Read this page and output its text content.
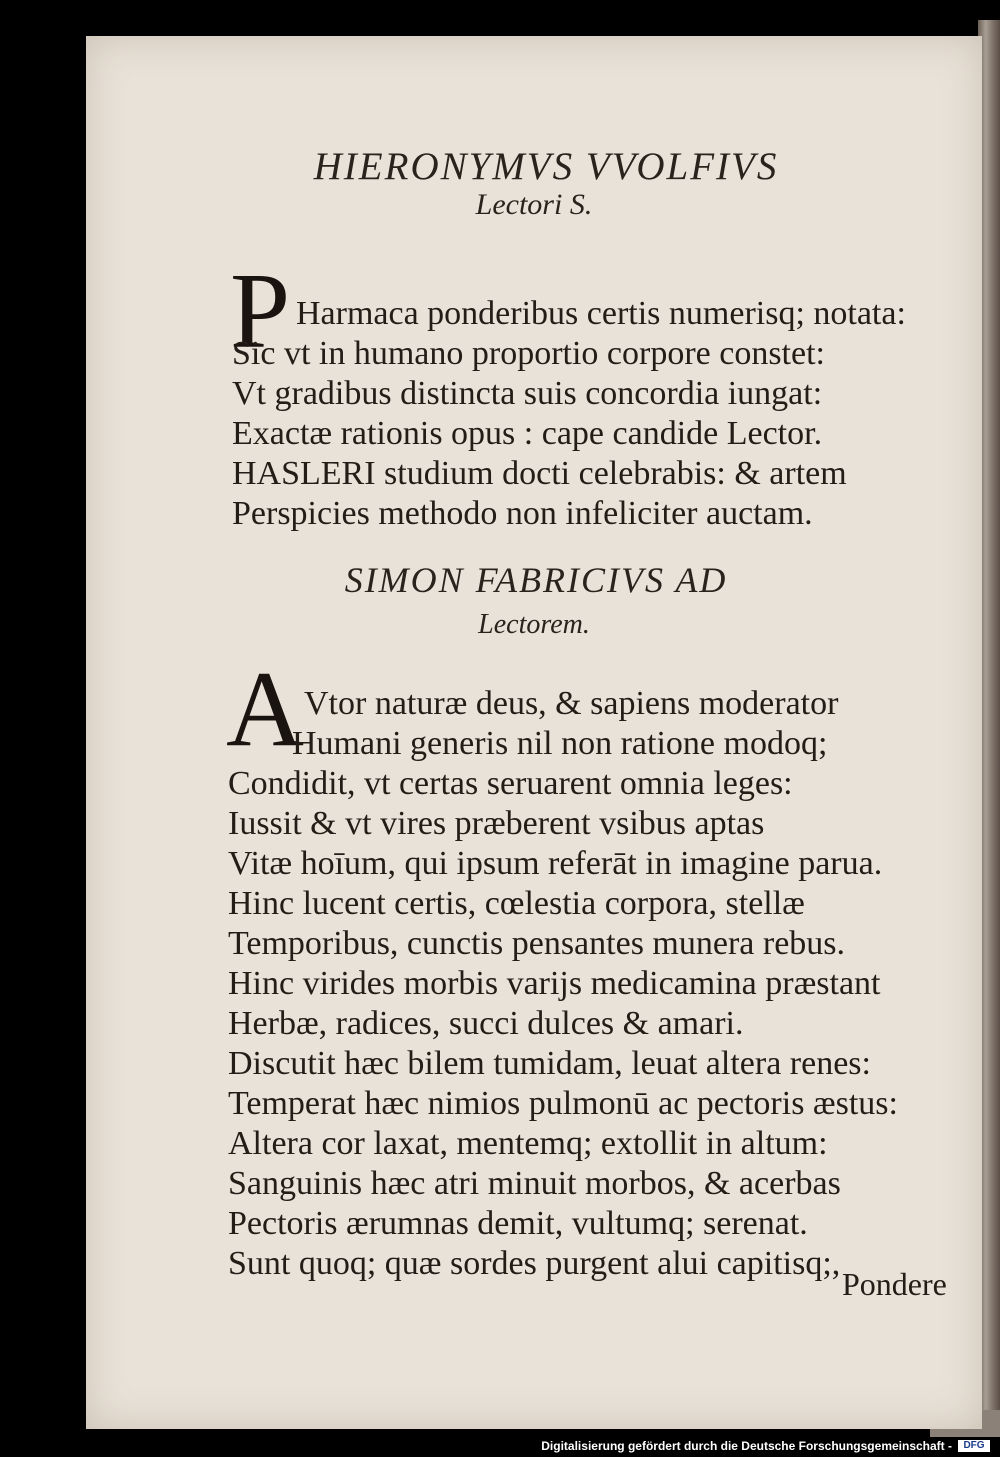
HIERONYMVS VVOLFIVS
Lectori S.
P Harmaca ponderibus certis numerisq; notata:
Sic vt in humano proportio corpore constet:
Vt gradibus distincta suis concordia iungat:
Exactæ rationis opus : cape candide Lector.
HASLERI studium docti celebrabis: & artem
Perspicies methodo non infeliciter auctam.
SIMON FABRICIVS AD
Lectorem.
A Vtor naturæ deus, & sapiens moderator
Humani generis nil non ratione modoq;
Condidit, vt certas seruarent omnia leges:
Iussit & vt vires præberent vsibus aptas
Vitæ hoīum, qui ipsum referāt in imagine parua.
Hinc lucent certis, cœlestia corpora, stellæ
Temporibus, cunctis pensantes munera rebus.
Hinc virides morbis varijs medicamina præstant
Herbæ, radices, succi dulces & amari.
Discutit hæc bilem tumidam, leuat altera renes:
Temperat hæc nimios pulmonū ac pectoris æstus:
Altera cor laxat, mentemq; extollit in altum:
Sanguinis hæc atri minuit morbos, & acerbas
Pectoris ærumnas demit, vultumq; serenat.
Sunt quoq; quæ sordes purgent alui capitisq;,
Pondere
Digitalisierung gefördert durch die Deutsche Forschungsgemeinschaft -	DFG
